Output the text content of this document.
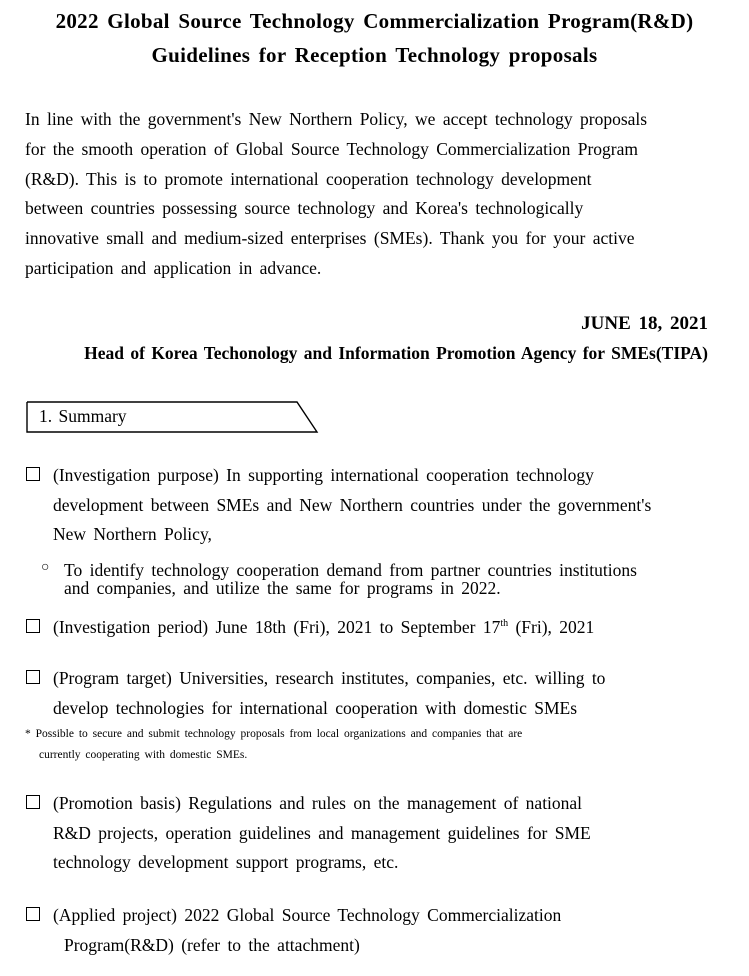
2022 Global Source Technology Commercialization Program(R&D)
Guidelines for Reception Technology proposals
In line with the government's New Northern Policy, we accept technology proposals
for the smooth operation of Global Source Technology Commercialization Program
(R&D). This is to promote international cooperation technology development
between countries possessing source technology and Korea's technologically
innovative small and medium-sized enterprises (SMEs). Thank you for your active
participation and application in advance.
JUNE 18, 2021
Head of Korea Techonology and Information Promotion Agency for SMEs(TIPA)
1. Summary
(Investigation purpose) In supporting international cooperation technology
development between SMEs and New Northern countries under the government's
New Northern Policy,
○ To identify technology cooperation demand from partner countries institutions
and companies, and utilize the same for programs in 2022.
(Investigation period) June 18th (Fri), 2021 to September 17th (Fri), 2021
(Program target) Universities, research institutes, companies, etc. willing to
develop technologies for international cooperation with domestic SMEs
* Possible to secure and submit technology proposals from local organizations and companies that are
currently cooperating with domestic SMEs.
(Promotion basis) Regulations and rules on the management of national
R&D projects, operation guidelines and management guidelines for SME
technology development support programs, etc.
(Applied project) 2022 Global Source Technology Commercialization
Program(R&D) (refer to the attachment)
